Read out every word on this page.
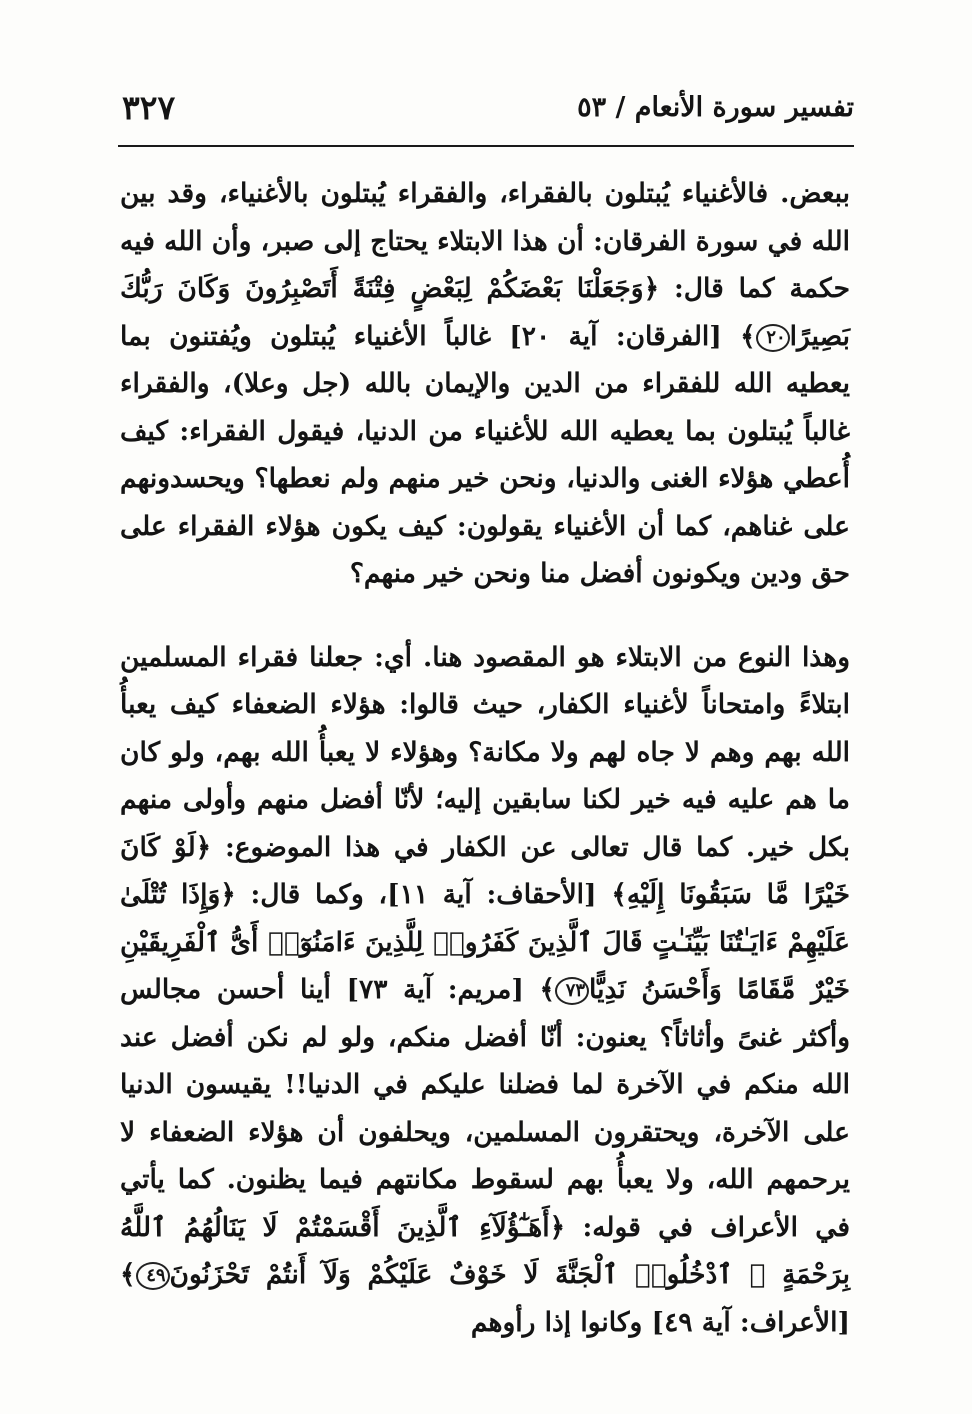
تفسير سورة الأنعام / ٥٣
٣٢٧

ببعض. فالأغنياء يُبتلون بالفقراء، والفقراء يُبتلون بالأغنياء، وقد بين الله في سورة الفرقان: أن هذا الابتلاء يحتاج إلى صبر، وأن الله فيه حكمة كما قال: ﴿وَجَعَلْنَا بَعْضَكُمْ لِبَعْضٍ فِتْنَةً أَتَصْبِرُونَ وَكَانَ رَبُّكَ بَصِيرًا٢٠﴾ [الفرقان: آية ٢٠] غالباً الأغنياء يُبتلون ويُفتنون بما يعطيه الله للفقراء من الدين والإيمان بالله (جل وعلا)، والفقراء غالباً يُبتلون بما يعطيه الله للأغنياء من الدنيا، فيقول الفقراء: كيف أُعطي هؤلاء الغنى والدنيا، ونحن خير منهم ولم نعطها؟ ويحسدونهم على غناهم، كما أن الأغنياء يقولون: كيف يكون هؤلاء الفقراء على حق ودين ويكونون أفضل منا ونحن خير منهم؟

وهذا النوع من الابتلاء هو المقصود هنا. أي: جعلنا فقراء المسلمين ابتلاءً وامتحاناً لأغنياء الكفار، حيث قالوا: هؤلاء الضعفاء كيف يعبأُ الله بهم وهم لا جاه لهم ولا مكانة؟ وهؤلاء لا يعبأُ الله بهم، ولو كان ما هم عليه فيه خير لكنا سابقين إليه؛ لأنّا أفضل منهم وأولى منهم بكل خير. كما قال تعالى عن الكفار في هذا الموضوع: ﴿لَوْ كَانَ خَيْرًا مَّا سَبَقُونَا إِلَيْهِ﴾ [الأحقاف: آية ١١]، وكما قال: ﴿وَإِذَا تُتْلَىٰ عَلَيْهِمْ ءَايَـٰتُنَا بَيِّنَـٰتٍ قَالَ ٱلَّذِينَ كَفَرُوا۟ لِلَّذِينَ ءَامَنُوٓا۟ أَىُّ ٱلْفَرِيقَيْنِ خَيْرٌ مَّقَامًا وَأَحْسَنُ نَدِيًّا٧٣﴾ [مريم: آية ٧٣] أينا أحسن مجالس وأكثر غنىً وأثاثاً؟ يعنون: أنّا أفضل منكم، ولو لم نكن أفضل عند الله منكم في الآخرة لما فضلنا عليكم في الدنيا!! يقيسون الدنيا على الآخرة، ويحتقرون المسلمين، ويحلفون أن هؤلاء الضعفاء لا يرحمهم الله، ولا يعبأُ بهم لسقوط مكانتهم فيما يظنون. كما يأتي في الأعراف في قوله: ﴿أَهَـٰٓؤُلَآءِ ٱلَّذِينَ أَقْسَمْتُمْ لَا يَنَالُهُمُ ٱللَّهُ بِرَحْمَةٍ ۚ ٱدْخُلُوا۟ ٱلْجَنَّةَ لَا خَوْفٌ عَلَيْكُمْ وَلَآ أَنتُمْ تَحْزَنُونَ٤٩﴾ [الأعراف: آية ٤٩] وكانوا إذا رأوهم
